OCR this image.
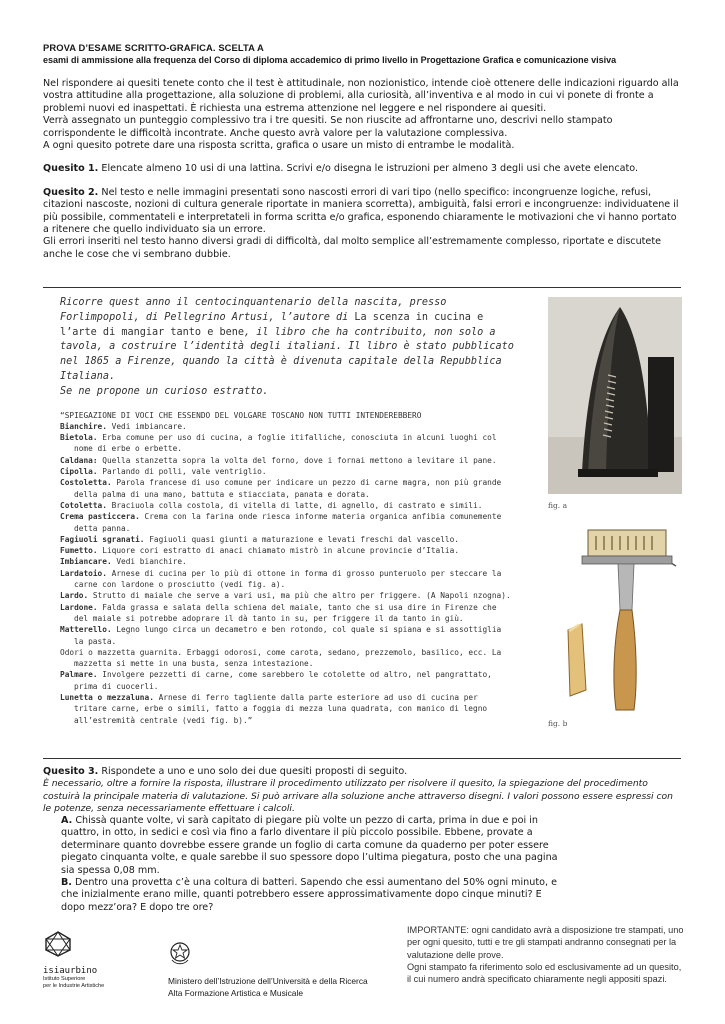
PROVA D’ESAME SCRITTO-GRAFICA. SCELTA A
esami di ammissione alla frequenza del Corso di diploma accademico di primo livello in Progettazione Grafica e comunicazione visiva

Nel rispondere ai quesiti tenete conto che il test è attitudinale, non nozionistico, intende cioè ottenere delle indicazioni riguardo alla vostra attitudine alla progettazione, alla soluzione di problemi, alla curiosità, all’inventiva e al modo in cui vi ponete di fronte a problemi nuovi ed inaspettati. È richiesta una estrema attenzione nel leggere e nel rispondere ai quesiti.

Verrà assegnato un punteggio complessivo tra i tre quesiti. Se non riuscite ad affrontarne uno, descrivi nello stampato corrispondente le difficoltà incontrate. Anche questo avrà valore per la valutazione complessiva.

A ogni quesito potrete dare una risposta scritta, grafica o usare un misto di entrambe le modalità.

Quesito 1. Elencate almeno 10 usi di una lattina. Scrivi e/o disegna le istruzioni per almeno 3 degli usi che avete elencato.
Quesito 2. Nel testo e nelle immagini presentati sono nascosti errori di vari tipo (nello specifico: incongruenze logiche, refusi, citazioni nascoste, nozioni di cultura generale riportate in maniera scorretta), ambiguità, falsi errori e incongruenze: individuatene il più possibile, commentateli e interpretateli in forma scritta e/o grafica, esponendo chiaramente le motivazioni che vi hanno portato a ritenere che quello individuato sia un errore.
Gli errori inseriti nel testo hanno diversi gradi di difficoltà, dal molto semplice all’estremamente complesso, riportate e discutete anche le cose che vi sembrano dubbie.

Ricorre quest anno il centocinquantenario della nascita, presso Forlimpopoli, di Pellegrino Artusi, l’autore di La scenza in cucina e l’arte di mangiar tanto e bene, il libro che ha contribuito, non solo a tavola, a costruire l’identità degli italiani. Il libro è stato pubblicato nel 1865 a Firenze, quando la città è divenuta capitale della Repubblica Italiana.
Se ne propone un curioso estratto.

“SPIEGAZIONE DI VOCI CHE ESSENDO DEL VOLGARE TOSCANO NON TUTTI INTENDEREBBERO
Bianchire. Vedi imbiancare.
Bietola. Erba comune per uso di cucina, a foglie itifalliche, conosciuta in alcuni luoghi col nome di erbe o erbette.
Caldana: Quella stanzetta sopra la volta del forno, dove i fornai mettono a levitare il pane.
Cipolla. Parlando di polli, vale ventriglio.
Costoletta. Parola francese di uso comune per indicare un pezzo di carne magra, non più grande della palma di una mano, battuta e stiacciata, panata e dorata.
Cotoletta. Braciuola colla costola, di vitella di latte, di agnello, di castrato e simili.
Crema pasticcera. Crema con la farina onde riesca informe materia organica anfibia comunemente detta panna.
Fagiuoli sgranati. Fagiuoli quasi giunti a maturazione e levati freschi dal vascello.
Fumetto. Liquore cori estratto di anaci chiamato mistrò in alcune provincie d’Italia.
Imbiancare. Vedi bianchire.
Lardatoio. Arnese di cucina per lo più di ottone in forma di grosso punteruolo per steccare la carne con lardone o prosciutto (vedi fig. a).
Lardo. Strutto di maiale che serve a vari usi, ma più che altro per friggere. (A Napoli nzogna).
Lardone. Falda grassa e salata della schiena del maiale, tanto che si usa dire in Firenze che del maiale si potrebbe adoprare il dà tanto in su, per friggere il da tanto in giù.
Matterello. Legno lungo circa un decametro e ben rotondo, col quale si spiana e si assottiglia la pasta.
Odori o mazzetta guarnita. Erbaggi odorosi, come carota, sedano, prezzemolo, basilico, ecc. La mazzetta si mette in una busta, senza intestazione.
Palmare. Involgere pezzetti di carne, come sarebbero le cotolette od altro, nel pangrattato, prima di cuocerli.
Lunetta o mezzaluna. Arnese di ferro tagliente dalla parte esteriore ad uso di cucina per tritare carne, erbe o simili, fatto a foggia di mezza luna quadrata, con manico di legno all’estremità centrale (vedi fig. b).”
fig. a
fig. b
Quesito 3. Rispondete a uno e uno solo dei due quesiti proposti di seguito.
È necessario, oltre a fornire la risposta, illustrare il procedimento utilizzato per risolvere il quesito, la spiegazione del procedimento costuirà la principale materia di valutazione. Si può arrivare alla soluzione anche attraverso disegni. I valori possono essere espressi con le potenze, senza necessariamente effettuare i calcoli.
A. Chissà quante volte, vi sarà capitato di piegare più volte un pezzo di carta, prima in due e poi in quattro, in otto, in sedici e così via fino a farlo diventare il più piccolo possibile. Ebbene, provate a determinare quanto dovrebbe essere grande un foglio di carta comune da quaderno per poter essere piegato cinquanta volte, e quale sarebbe il suo spessore dopo l’ultima piegatura, posto che una pagina sia spessa 0,08 mm.
B. Dentro una provetta c’è una coltura di batteri. Sapendo che essi aumentano del 50% ogni minuto, e che inizialmente erano mille, quanti potrebbero essere approssimativamente dopo cinque minuti? E dopo mezz’ora? E dopo tre ore?
IMPORTANTE: ogni candidato avrà a disposizione tre stampati, uno per ogni quesito, tutti e tre gli stampati andranno consegnati per la valutazione delle prove.
Ogni stampato fa riferimento solo ed esclusivamente ad un quesito, il cui numero andrà specificato chiaramente negli appositi spazi.
isiaurbino
Istituto Superiore
per le Industrie Artistiche	Ministero dell’Istruzione dell’Università e della Ricerca
Alta Formazione Artistica e Musicale
